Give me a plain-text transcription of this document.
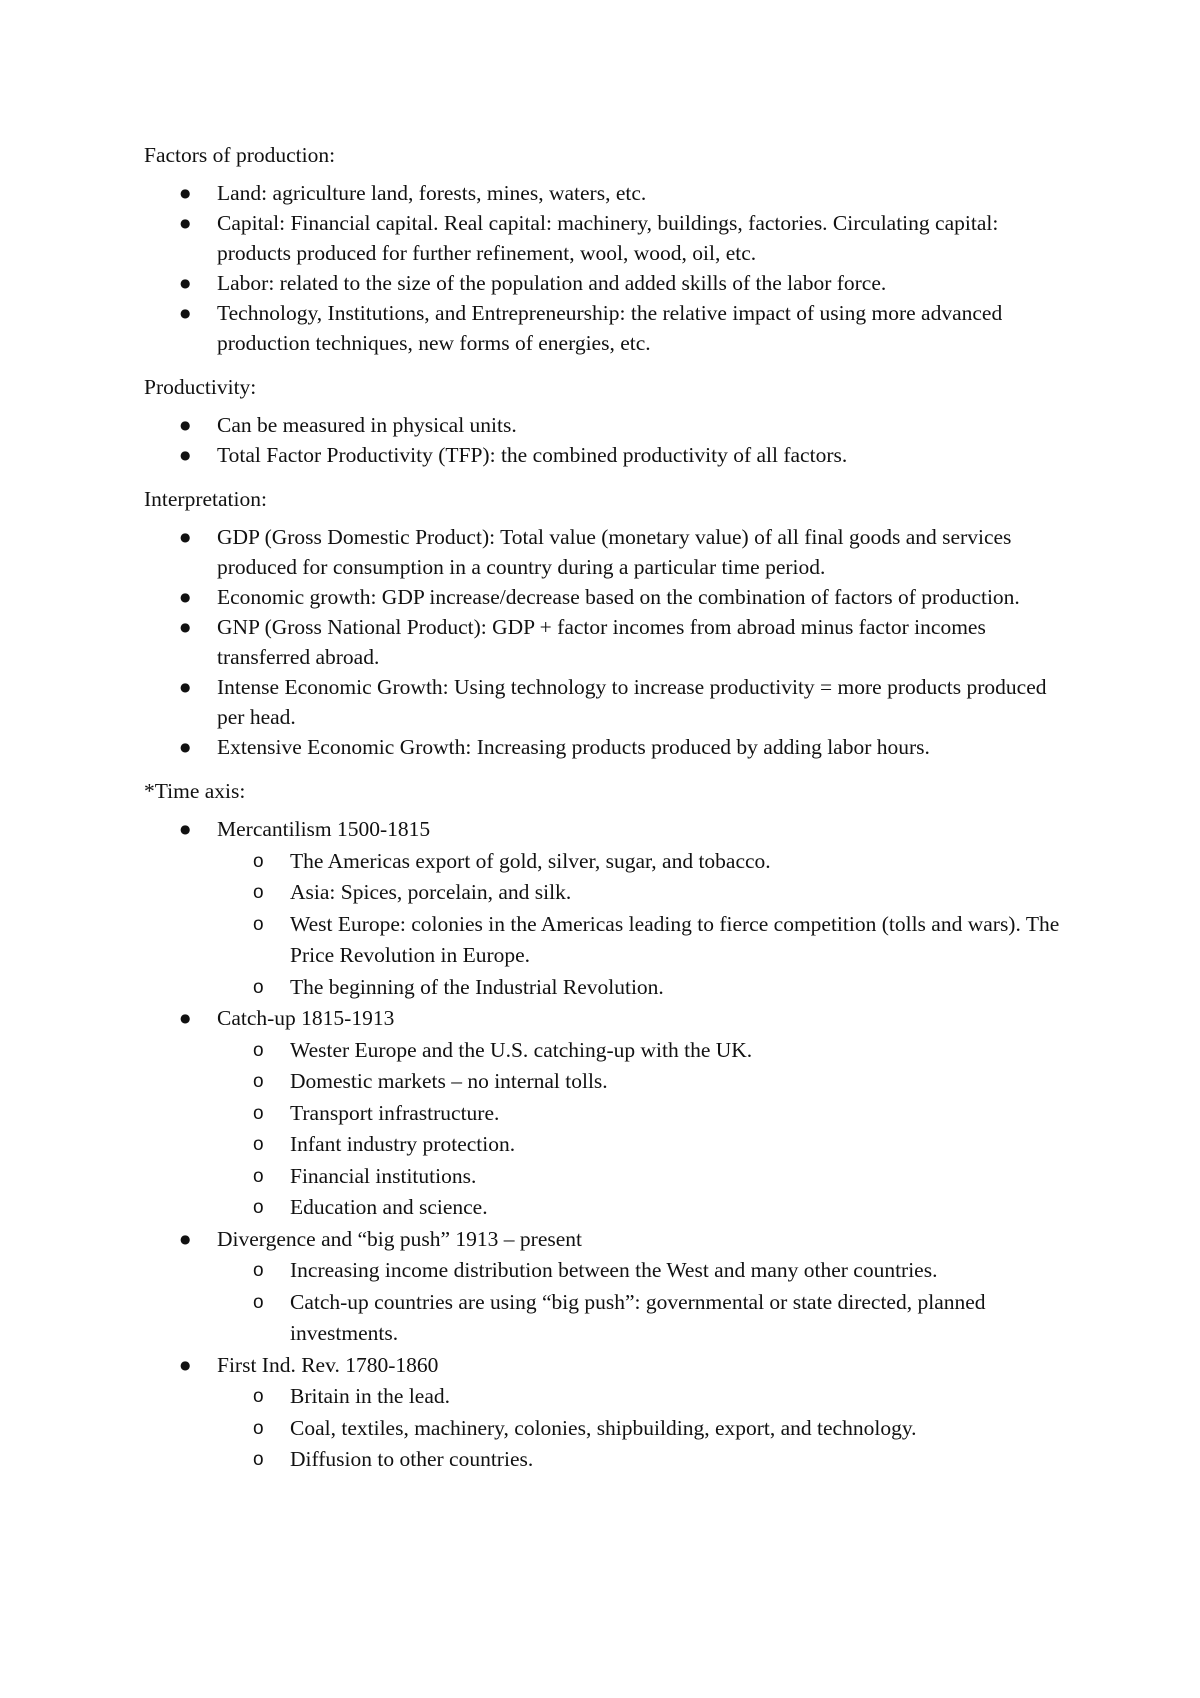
Factors of production:

● Land: agriculture land, forests, mines, waters, etc.
● Capital: Financial capital. Real capital: machinery, buildings, factories. Circulating capital: products produced for further refinement, wool, wood, oil, etc.
● Labor: related to the size of the population and added skills of the labor force.
● Technology, Institutions, and Entrepreneurship: the relative impact of using more advanced production techniques, new forms of energies, etc.

Productivity:

● Can be measured in physical units.
● Total Factor Productivity (TFP): the combined productivity of all factors.

Interpretation:

● GDP (Gross Domestic Product): Total value (monetary value) of all final goods and services produced for consumption in a country during a particular time period.
● Economic growth: GDP increase/decrease based on the combination of factors of production.
● GNP (Gross National Product): GDP + factor incomes from abroad minus factor incomes transferred abroad.
● Intense Economic Growth: Using technology to increase productivity = more products produced per head.
● Extensive Economic Growth: Increasing products produced by adding labor hours.

*Time axis:

● Mercantilism 1500-1815
o The Americas export of gold, silver, sugar, and tobacco.
o Asia: Spices, porcelain, and silk.
o West Europe: colonies in the Americas leading to fierce competition (tolls and wars). The Price Revolution in Europe.
o The beginning of the Industrial Revolution.
● Catch-up 1815-1913
o Wester Europe and the U.S. catching-up with the UK.
o Domestic markets – no internal tolls.
o Transport infrastructure.
o Infant industry protection.
o Financial institutions.
o Education and science.
● Divergence and “big push” 1913 – present
o Increasing income distribution between the West and many other countries.
o Catch-up countries are using “big push”: governmental or state directed, planned investments.
● First Ind. Rev. 1780-1860
o Britain in the lead.
o Coal, textiles, machinery, colonies, shipbuilding, export, and technology.
o Diffusion to other countries.
